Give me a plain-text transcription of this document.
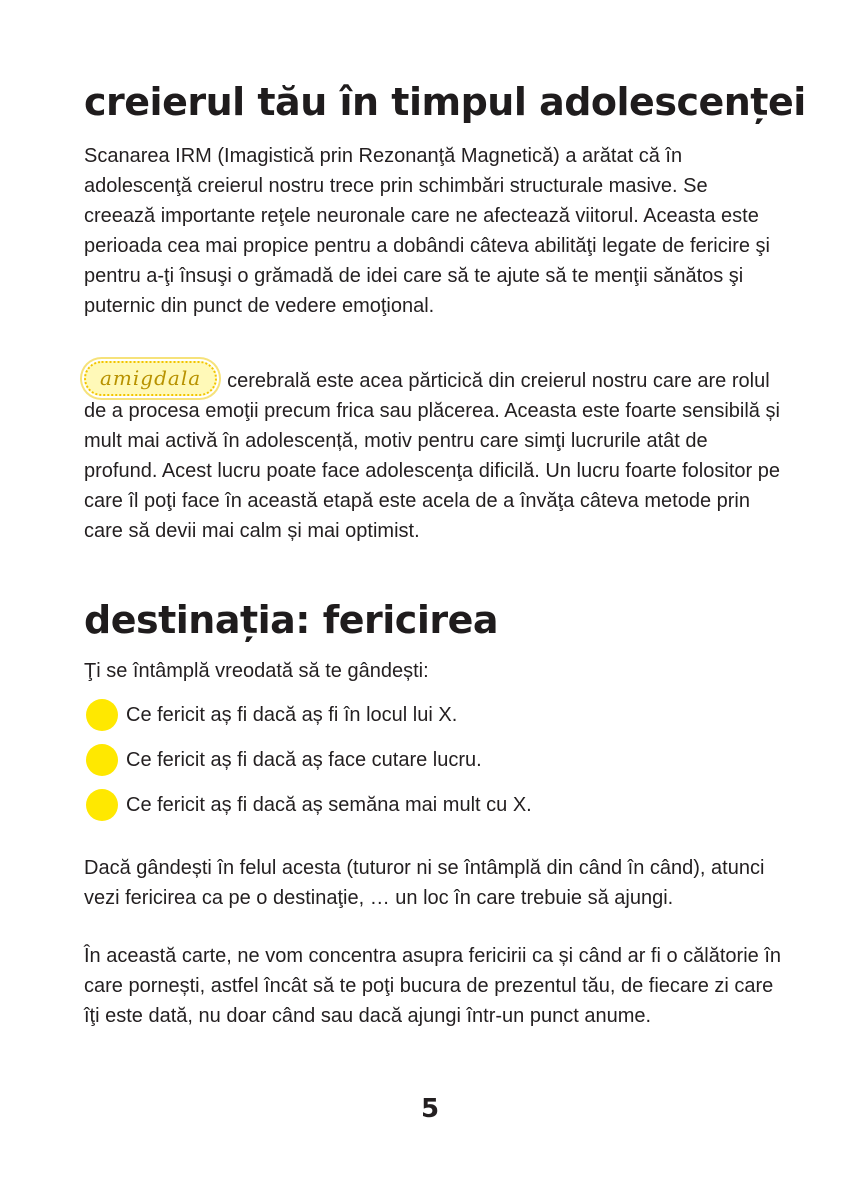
creierul tău în timpul adolescenței

Scanarea IRM (Imagistică prin Rezonanţă Magnetică) a arătat că în adolescenţă creierul nostru trece prin schimbări structurale masive. Se creează importante reţele neuronale care ne afectează viitorul. Aceasta este perioada cea mai propice pentru a dobândi câteva abilităţi legate de fericire şi pentru a-ţi însuşi o grămadă de idei care să te ajute să te menţii sănătos şi puternic din punct de vedere emoţional.

amigdala cerebrală este acea părticică din creierul nostru care are rolul de a procesa emoţii precum frica sau plăcerea. Aceasta este foarte sensibilă și mult mai activă în adolescență, motiv pentru care simţi lucrurile atât de profund. Acest lucru poate face adolescenţa dificilă. Un lucru foarte folositor pe care îl poţi face în această etapă este acela de a învăţa câteva metode prin care să devii mai calm și mai optimist.

destinația: fericirea

Ţi se întâmplă vreodată să te gândești:

Ce fericit aș fi dacă aș fi în locul lui X.
Ce fericit aș fi dacă aș face cutare lucru.
Ce fericit aș fi dacă aș semăna mai mult cu X.

Dacă gândești în felul acesta (tuturor ni se întâmplă din când în când), atunci vezi fericirea ca pe o destinaţie, … un loc în care trebuie să ajungi.

În această carte, ne vom concentra asupra fericirii ca și când ar fi o călătorie în care pornești, astfel încât să te poţi bucura de prezentul tău, de fiecare zi care îţi este dată, nu doar când sau dacă ajungi într-un punct anume.

5
